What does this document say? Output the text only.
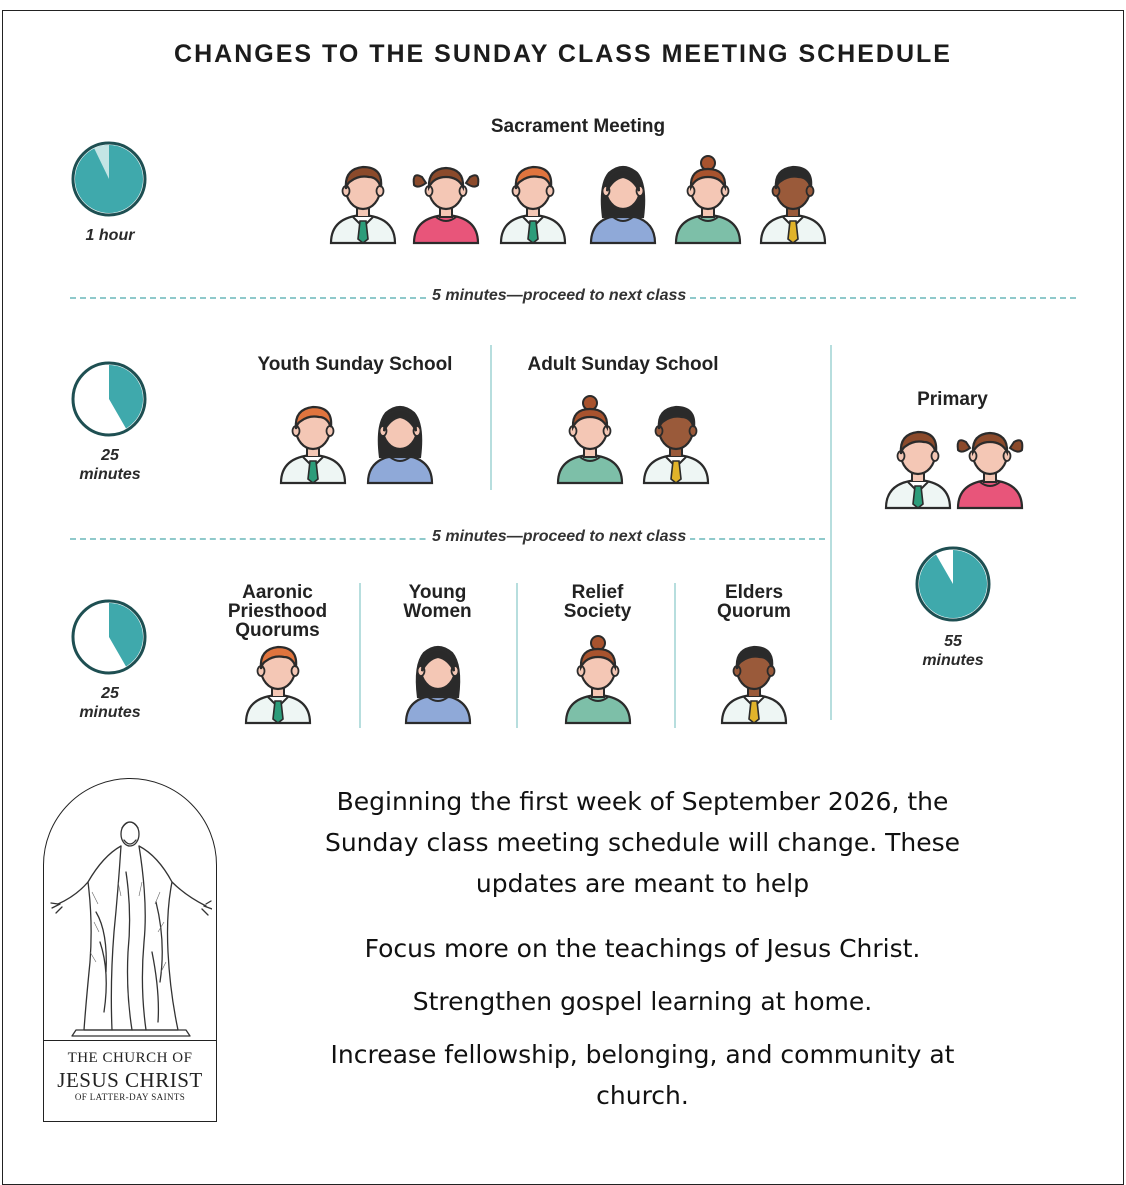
CHANGES TO THE SUNDAY CLASS MEETING SCHEDULE
Sacrament Meeting
1 hour
5 minutes—proceed to next class
25
minutes
Youth Sunday School	Adult Sunday School
Primary
55
minutes
5 minutes—proceed to next class
25
minutes
Aaronic
Priesthood
Quorums
Young
Women
Relief
Society
Elders
Quorum
THE CHURCH OF
JESUS CHRIST
OF LATTER-DAY SAINTS
Beginning the first week of September 2026, the Sunday class meeting schedule will change. These updates are meant to help
Focus more on the teachings of Jesus Christ.
Strengthen gospel learning at home.
Increase fellowship, belonging, and community at church.
